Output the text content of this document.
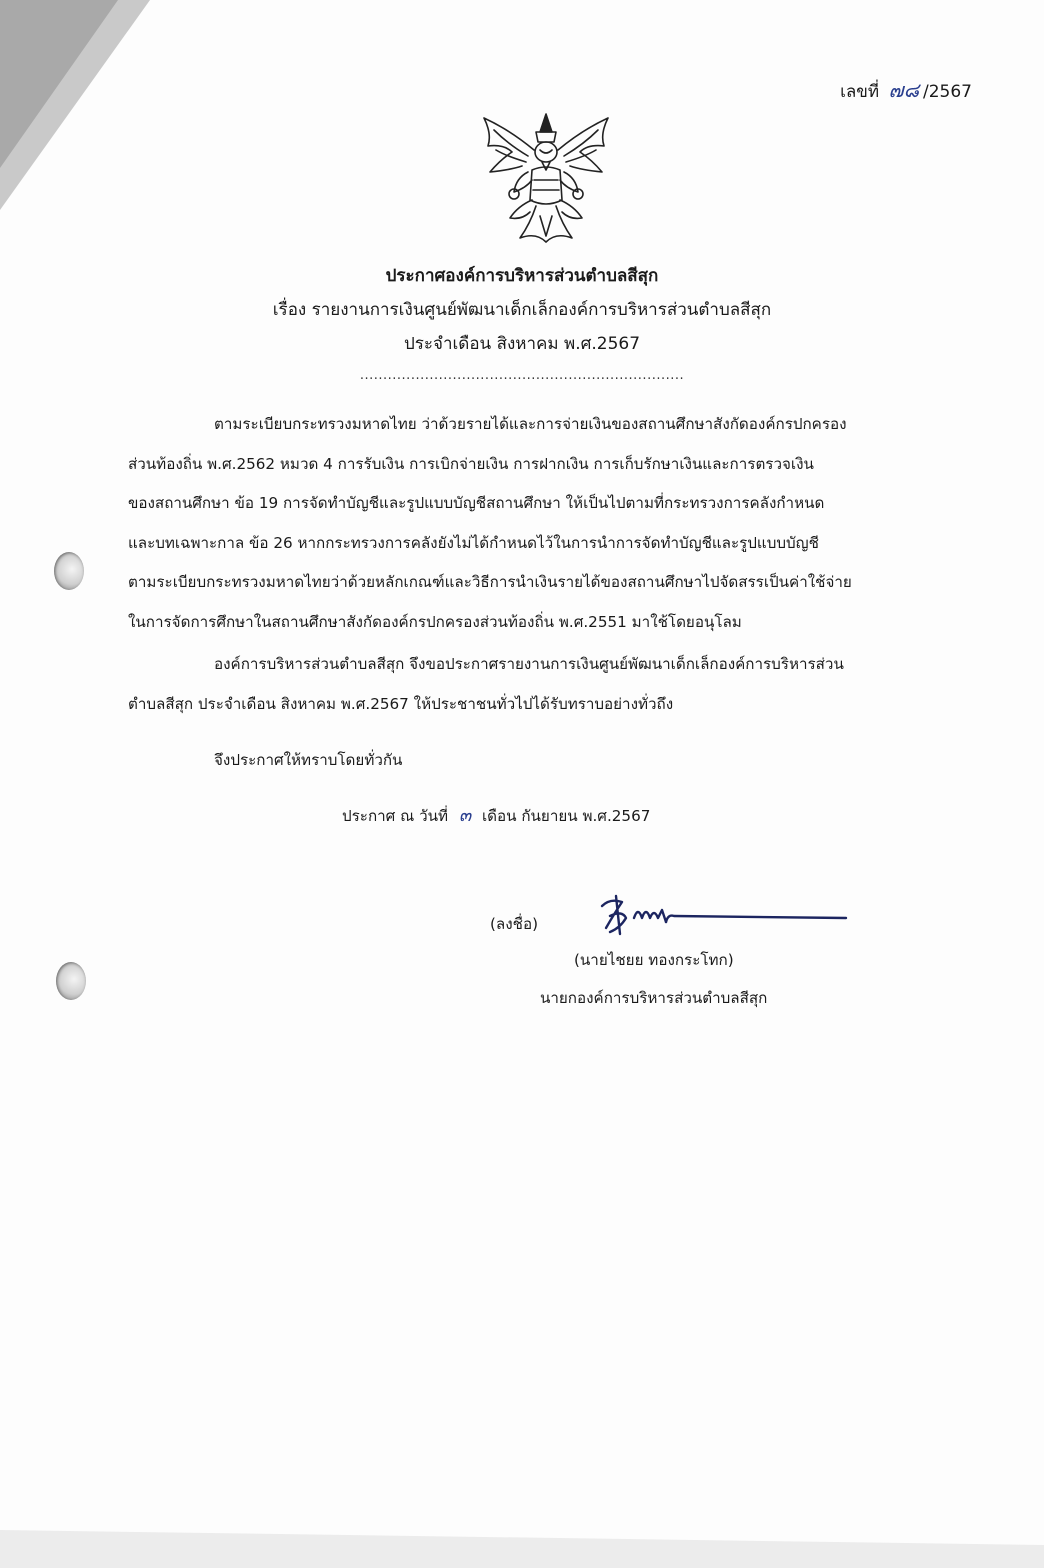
เลขที่ ๗๘ /2567
ประกาศองค์การบริหารส่วนตำบลสีสุก
เรื่อง รายงานการเงินศูนย์พัฒนาเด็กเล็กองค์การบริหารส่วนตำบลสีสุก
ประจำเดือน สิงหาคม พ.ศ.2567
......................................................................
ตามระเบียบกระทรวงมหาดไทย ว่าด้วยรายได้และการจ่ายเงินของสถานศึกษาสังกัดองค์กรปกครอง
ส่วนท้องถิ่น พ.ศ.2562 หมวด 4 การรับเงิน การเบิกจ่ายเงิน การฝากเงิน การเก็บรักษาเงินและการตรวจเงิน
ของสถานศึกษา ข้อ 19 การจัดทำบัญชีและรูปแบบบัญชีสถานศึกษา ให้เป็นไปตามที่กระทรวงการคลังกำหนด
และบทเฉพาะกาล ข้อ 26 หากกระทรวงการคลังยังไม่ได้กำหนดไว้ในการนำการจัดทำบัญชีและรูปแบบบัญชี
ตามระเบียบกระทรวงมหาดไทยว่าด้วยหลักเกณฑ์และวิธีการนำเงินรายได้ของสถานศึกษาไปจัดสรรเป็นค่าใช้จ่าย
ในการจัดการศึกษาในสถานศึกษาสังกัดองค์กรปกครองส่วนท้องถิ่น พ.ศ.2551 มาใช้โดยอนุโลม
องค์การบริหารส่วนตำบลสีสุก จึงขอประกาศรายงานการเงินศูนย์พัฒนาเด็กเล็กองค์การบริหารส่วน
ตำบลสีสุก ประจำเดือน สิงหาคม พ.ศ.2567 ให้ประชาชนทั่วไปได้รับทราบอย่างทั่วถึง
จึงประกาศให้ทราบโดยทั่วกัน
ประกาศ ณ วันที่ ๓ เดือน กันยายน พ.ศ.2567
(ลงชื่อ)
(นายไชยย ทองกระโทก)
นายกองค์การบริหารส่วนตำบลสีสุก
